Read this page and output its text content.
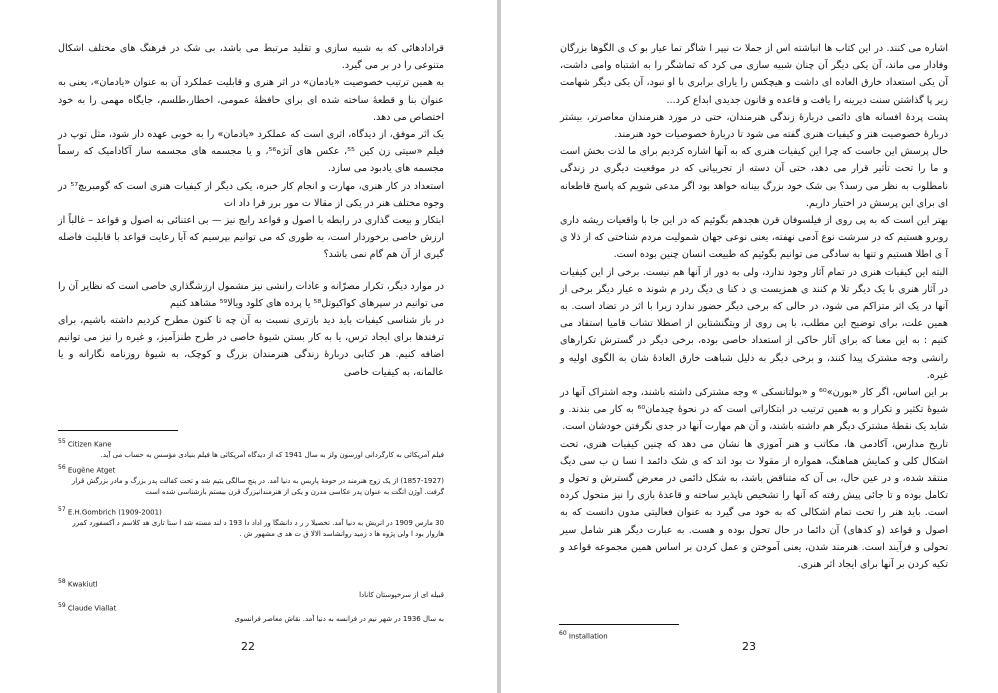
قرادادهائی که به شبیه سازی و تقلید مرتبط می باشد، بی شک در فرهنگ های مختلف اشکال متنوعی را در بر می گیرد.

به همین ترتیب خصوصیت «یادمان» در اثر هنری و قابلیت عملکرد آن به عنوان «یادمان»، یعنی به عنوان بنا و قطعهٔ ساخته شده ای برای حافظهٔ عمومی، اخطار،طلسم، جایگاه مهمی را به خود اختصاص می دهد.

یک اثر موفق، از دیدگاه، اثری است که عملکرد «یادمان» را به خوبی عهده دار شود، مثل توپ در فیلم «سیتی زن کین ⁵⁵، عکس های آتژه⁵⁶، و یا مجسمه های مجسمه ساز آکادامیک که رسماً مجسمه های یادبود می سازد.

استعداد در کار هنری، مهارت و انجام کار خبره، یکی دیگر از کیفیات هنری است که گومبریچ⁵⁷ در وجوه مختلف هنر در یکی از مقالا ت مور برر قرا داد ات

ابتکار و بیعت گذاری در رابطه با اصول و قواعد رایج نیز — بی اعتنائی به اصول و قواعد – غالباً از ارزش خاصی برخوردار است، به طوری که می توانیم بپرسیم که آیا رعایت قواعد با قابلیت فاصله گیری از آن هم گام نمی باشد؟

در موارد دیگر، تکرار مصرّانه و عادات رانشی نیز مشمول ارزشگذاری خاصی است که نظایر آن را می توانیم در سپرهای کواکیوتل⁵⁸ یا پرده های کلود ویالا⁵⁹ مشاهد کنیم

در باز شناسی کیفیات باید دید بازتری نسبت به آن چه تا کنون مطرح کردیم داشته باشیم، برای ترفندها برای ایجاد ترس، یا به کار بستن شیوهٔ خاصی در طرح طنزآمیز، و غیره را نیز می توانیم اضافه کنیم. هر کتابی دربارهٔ زندگی هنرمندان بزرگ و کوچک، به شیوهٔ روزنامه نگارانه و یا عالمانه، به کیفیات خاصی

55 Citizen Kane
فیلم آمریکائی به کارگردانی اورسون ولز به سال 1941 که از دیدگاه آمریکائی ها فیلم بنیادی مؤسس به حساب می آید.
56 Eugène Atget
(1857-1927) از یک زوج هنرمند در حومهٔ پاریس به دنیا آمد. در پنج سالگی یتیم شد و تحت کفالت پدر بزرگ و مادر بزرگش قرار گرفت. آوژن اتگت به عنوان پدر عکاسی مدرن و یکی از هنرمندانیزرگ قرن بیستم بازشناسی شده است
57 E.H.Gombrich (1909-2001)
30 مارس 1909 در اتریش به دنیا آمد. تحصیلا ر ر د دانشگا ور اداد دا 193 د لند مسته شد ا ستا تاری هد کلاسم د آکسفورد کمرر هاروار بود ا ولی پژوه ها د زمید روانشاسد الالا ق ت هد ی مشهور ش .
58 Kwakiutl
قبیله ای از سرخپوستان کانادا
59 Claude Viallat
به سال 1936 در شهر نیم در فرانسه به دنیا آمد. نقاش معاصر فرانسوی
22

اشاره می کنند. در این کتاب ها انباشته اس از جملا ت نیپر ا شاگر تما عیار بو ک ی الگوها بزرگان وفادار می ماند، آن یکی دیگر آن چنان شبیه سازی می کرد که تماشگر را به اشتباه وامی داشت، آن یکی استعداد خارق العاده ای داشت و هیچکس را یارای برابری با او نبود، آن یکی دیگر شهامت زیر پا گذاشتن سنت دیرینه را یافت و قاعده و قانون جدیدی ابداع کرد...

پشت پردهٔ افسانه های دائمی دربارهٔ زندگی هنرمندان، حتی در مورد هنرمندان معاصرتر، بیشتر دربارهٔ خصوصیت هنر و کیفیات هنری گفته می شود تا دربارهٔ خصوصیات خود هنرمند.

حال پرسش این جاست که چرا این کیفیات هنری که به آنها اشاره کردیم برای ما لذت بخش است و ما را تحت تأثیر قرار می دهد، حتی آن دسته از تجربیاتی که در موقعیت دیگری در زندگی نامطلوب به نظر می رسد؟ بی شک خود بزرگ بینانه خواهد بود اگر مدعی شویم که پاسخ قاطعانه ای برای این پرسش در اختیار داریم.

بهتر این است که به پی روی از فیلسوفان قرن هجدهم بگوئیم که در این جا با واقعیات ریشه داری روبرو هستیم که در سرشت نوع آدمی نهفته، یعنی نوعی جهان شمولیت مردم شناختی که از ذلا ی آ ی اطلا هستیم و تنها به سادگی می توانیم بگوئیم که طبیعت انسان چنین بوده است.

البته این کیفیات هنری در تمام آثار وجود ندارد، ولی به دور از آنها هم نیست. برخی از این کیفیات در آثار هنری با یک دیگر تلا ‌م کنند ی همزیست ی د کنا ی دیگ ردر م شوند ه عیار دیگر برخی از آنها در یک اثر متزاکم می شود، در حالی که برخی دیگر حضور ندارد زیرا با اثر در تضاد است. به همین علت، برای توضیح این مطلب، با پی روی از ویتگنشتاین از اصطلا تشاب قامیا استفاد می کنیم : به این معنا که برای آثار حاکی از استعداد خاصی بوده، برخی دیگر در گسترش تکرارهای رانشی وجه مشترک پیدا کنند، و برخی دیگر به دلیل شباهت خارق العادهٔ شان به الگوی اولیه و غیره.

بر این اساس، اگر کار «بورن»⁶⁰ و «بولتانسکی » وجه مشترکی داشته باشند، وجه اشتراک آنها در شیوهٔ تکثیر و تکرار و به همین ترتیب در ابتکاراتی است که در نحوهٔ چیدمان⁶⁰ به کار می بندند. و شاید یک نقطهٔ مشترک دیگر هم داشته باشند، و آن هم مهارت آنها در جدی نگرفتن خودشان است.

تاریخ مدارس، آکادمی ها، مکاتب و هنر آموزی ها نشان می دهد که چنین کیفیات هنری، تحت اشکال کلی و کمایش هماهنگ، همواره از مقولا ت بود اند که ی شک دائمد ا نسا ن ب سی دیگ منتقد شده، و در عین حال، بی آن که متناقض باشد، به شکل دائمی در معرض گسترش و تحول و تکامل بوده و تا جائی پیش رفته که آنها را تشخیص ناپذیر ساخته و قاعدهٔ بازی را نیز متحول کرده است. باید هنر را تحت تمام اشکالی که به خود می گیرد به عنوان فعالیتی مدون دانست که به اصول و قواعد (و کدهای) آن دائما در حال تحول بوده و هست. به عبارت دیگر هنر شامل سیر تحولی و فرآیند است. هنرمند شدن، یعنی آموختن و عمل کردن بر اساس همین مجموعه قواعد و تکیه کردن بر آنها برای ایجاد اثر هنری.

60 Installation
23
